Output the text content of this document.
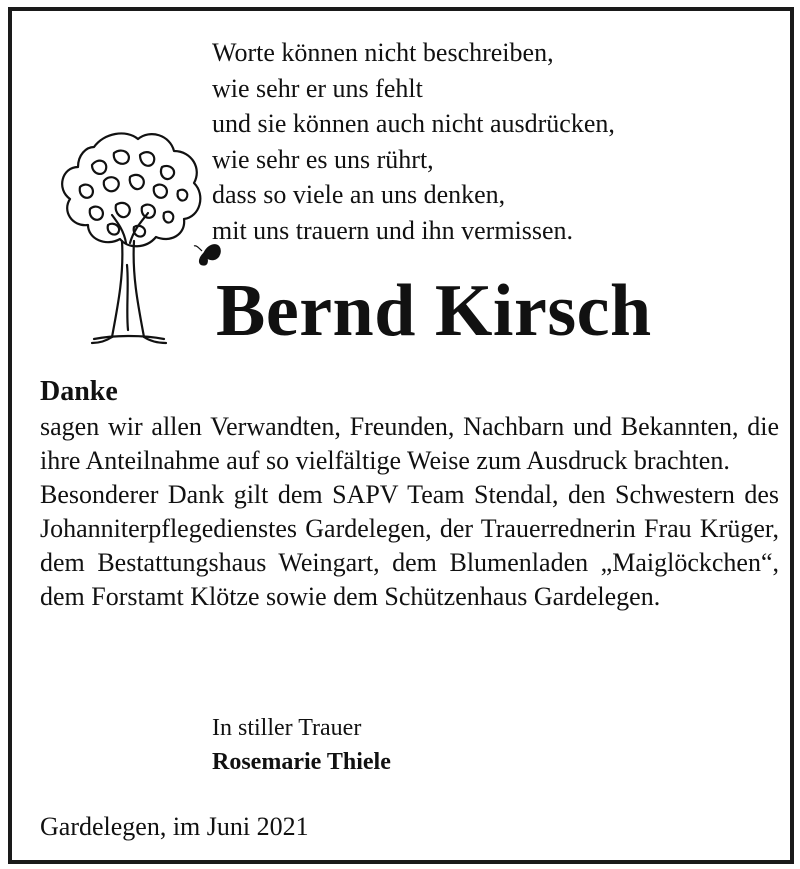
Worte können nicht beschreiben,
wie sehr er uns fehlt
und sie können auch nicht ausdrücken,
wie sehr es uns rührt,
dass so viele an uns denken,
mit uns trauern und ihn vermissen.
Bernd Kirsch
Danke

sagen wir allen Verwandten, Freunden, Nachbarn und Bekannten, die ihre Anteilnahme auf so vielfältige Weise zum Ausdruck brachten.

Besonderer Dank gilt dem SAPV Team Stendal, den Schwestern des Johanniterpflegedienstes Gardelegen, der Trauerrednerin Frau Krüger, dem Bestattungshaus Weingart, dem Blumenladen „Maiglöckchen“, dem Forstamt Klötze sowie dem Schützenhaus Gardelegen.

In stiller Trauer
Rosemarie Thiele
Gardelegen, im Juni 2021
